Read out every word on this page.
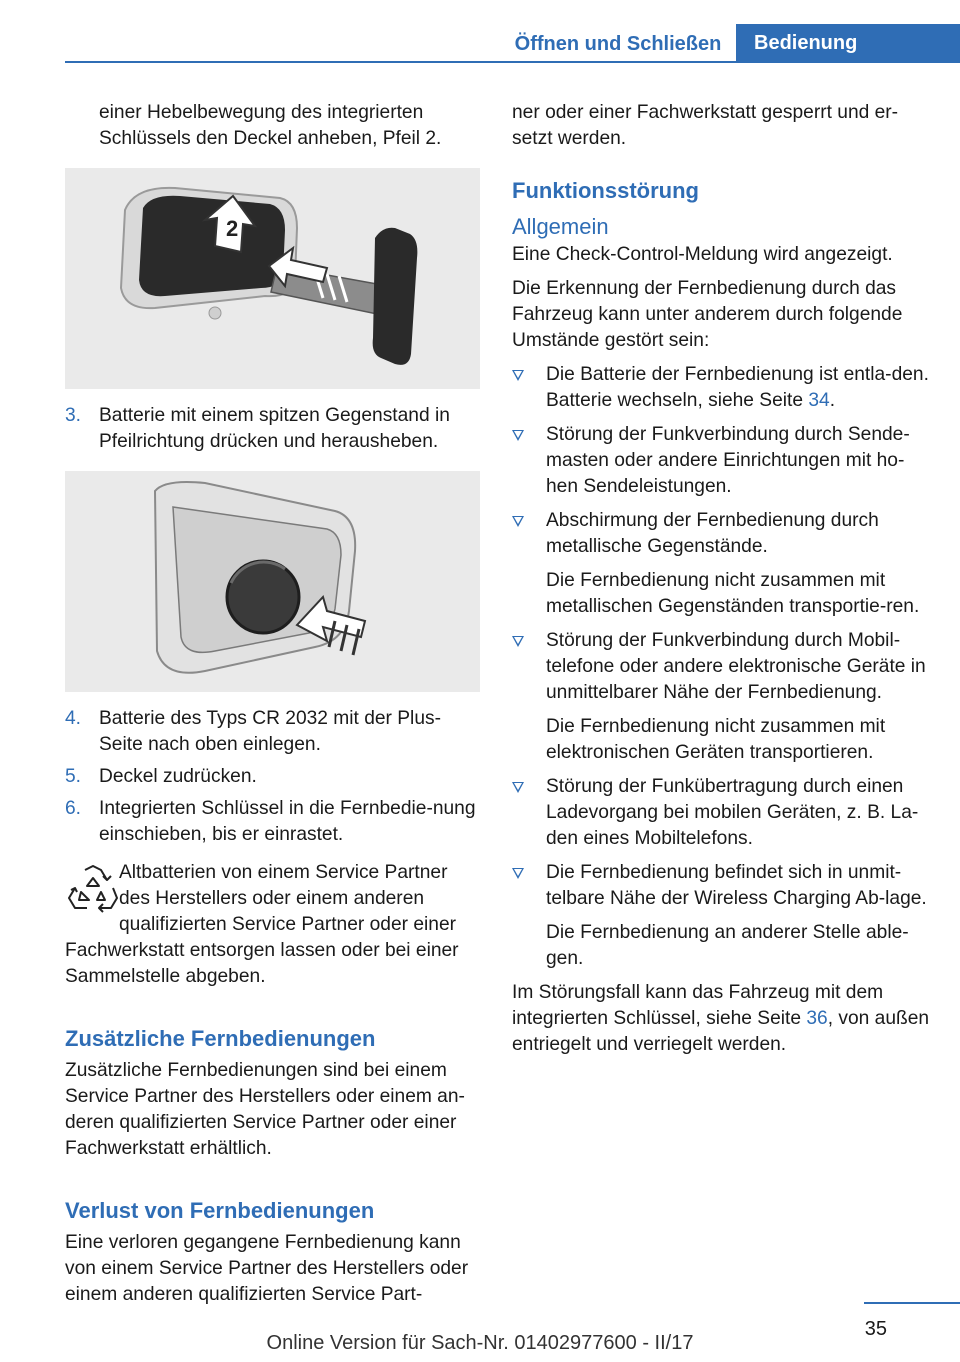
Öffnen und Schließen	Bedienung

einer Hebelbewegung des integrierten Schlüssels den Deckel anheben, Pfeil 2.

2
3. Batterie mit einem spitzen Gegenstand in Pfeilrichtung drücken und herausheben.
4. Batterie des Typs CR 2032 mit der Plus-Seite nach oben einlegen.
5. Deckel zudrücken.
6. Integrierten Schlüssel in die Fernbedie-nung einschieben, bis er einrastet.
Altbatterien von einem Service Partner
des Herstellers oder einem anderen
qualifizierten Service Partner oder einer
Fachwerkstatt entsorgen lassen oder bei einer Sammelstelle abgeben.
Zusätzliche Fernbedienungen

Zusätzliche Fernbedienungen sind bei einem Service Partner des Herstellers oder einem an-deren qualifizierten Service Partner oder einer Fachwerkstatt erhältlich.

Verlust von Fernbedienungen

Eine verloren gegangene Fernbedienung kann von einem Service Partner des Herstellers oder einem anderen qualifizierten Service Part-

ner oder einer Fachwerkstatt gesperrt und er-setzt werden.

Funktionsstörung
Allgemein

Eine Check-Control-Meldung wird angezeigt.

Die Erkennung der Fernbedienung durch das Fahrzeug kann unter anderem durch folgende Umstände gestört sein:

Die Batterie der Fernbedienung ist entla-den. Batterie wechseln, siehe Seite 34.
Störung der Funkverbindung durch Sende-masten oder andere Einrichtungen mit ho-hen Sendeleistungen.
Abschirmung der Fernbedienung durch metallische Gegenstände.
Die Fernbedienung nicht zusammen mit metallischen Gegenständen transportie-ren.
Störung der Funkverbindung durch Mobil-telefone oder andere elektronische Geräte in unmittelbarer Nähe der Fernbedienung.
Die Fernbedienung nicht zusammen mit elektronischen Geräten transportieren.
Störung der Funkübertragung durch einen Ladevorgang bei mobilen Geräten, z. B. La-den eines Mobiltelefons.
Die Fernbedienung befindet sich in unmit-telbare Nähe der Wireless Charging Ab-lage.
Die Fernbedienung an anderer Stelle able-gen.

Im Störungsfall kann das Fahrzeug mit dem integrierten Schlüssel, siehe Seite 36, von außen entriegelt und verriegelt werden.

35
Online Version für Sach-Nr. 01402977600 - II/17
